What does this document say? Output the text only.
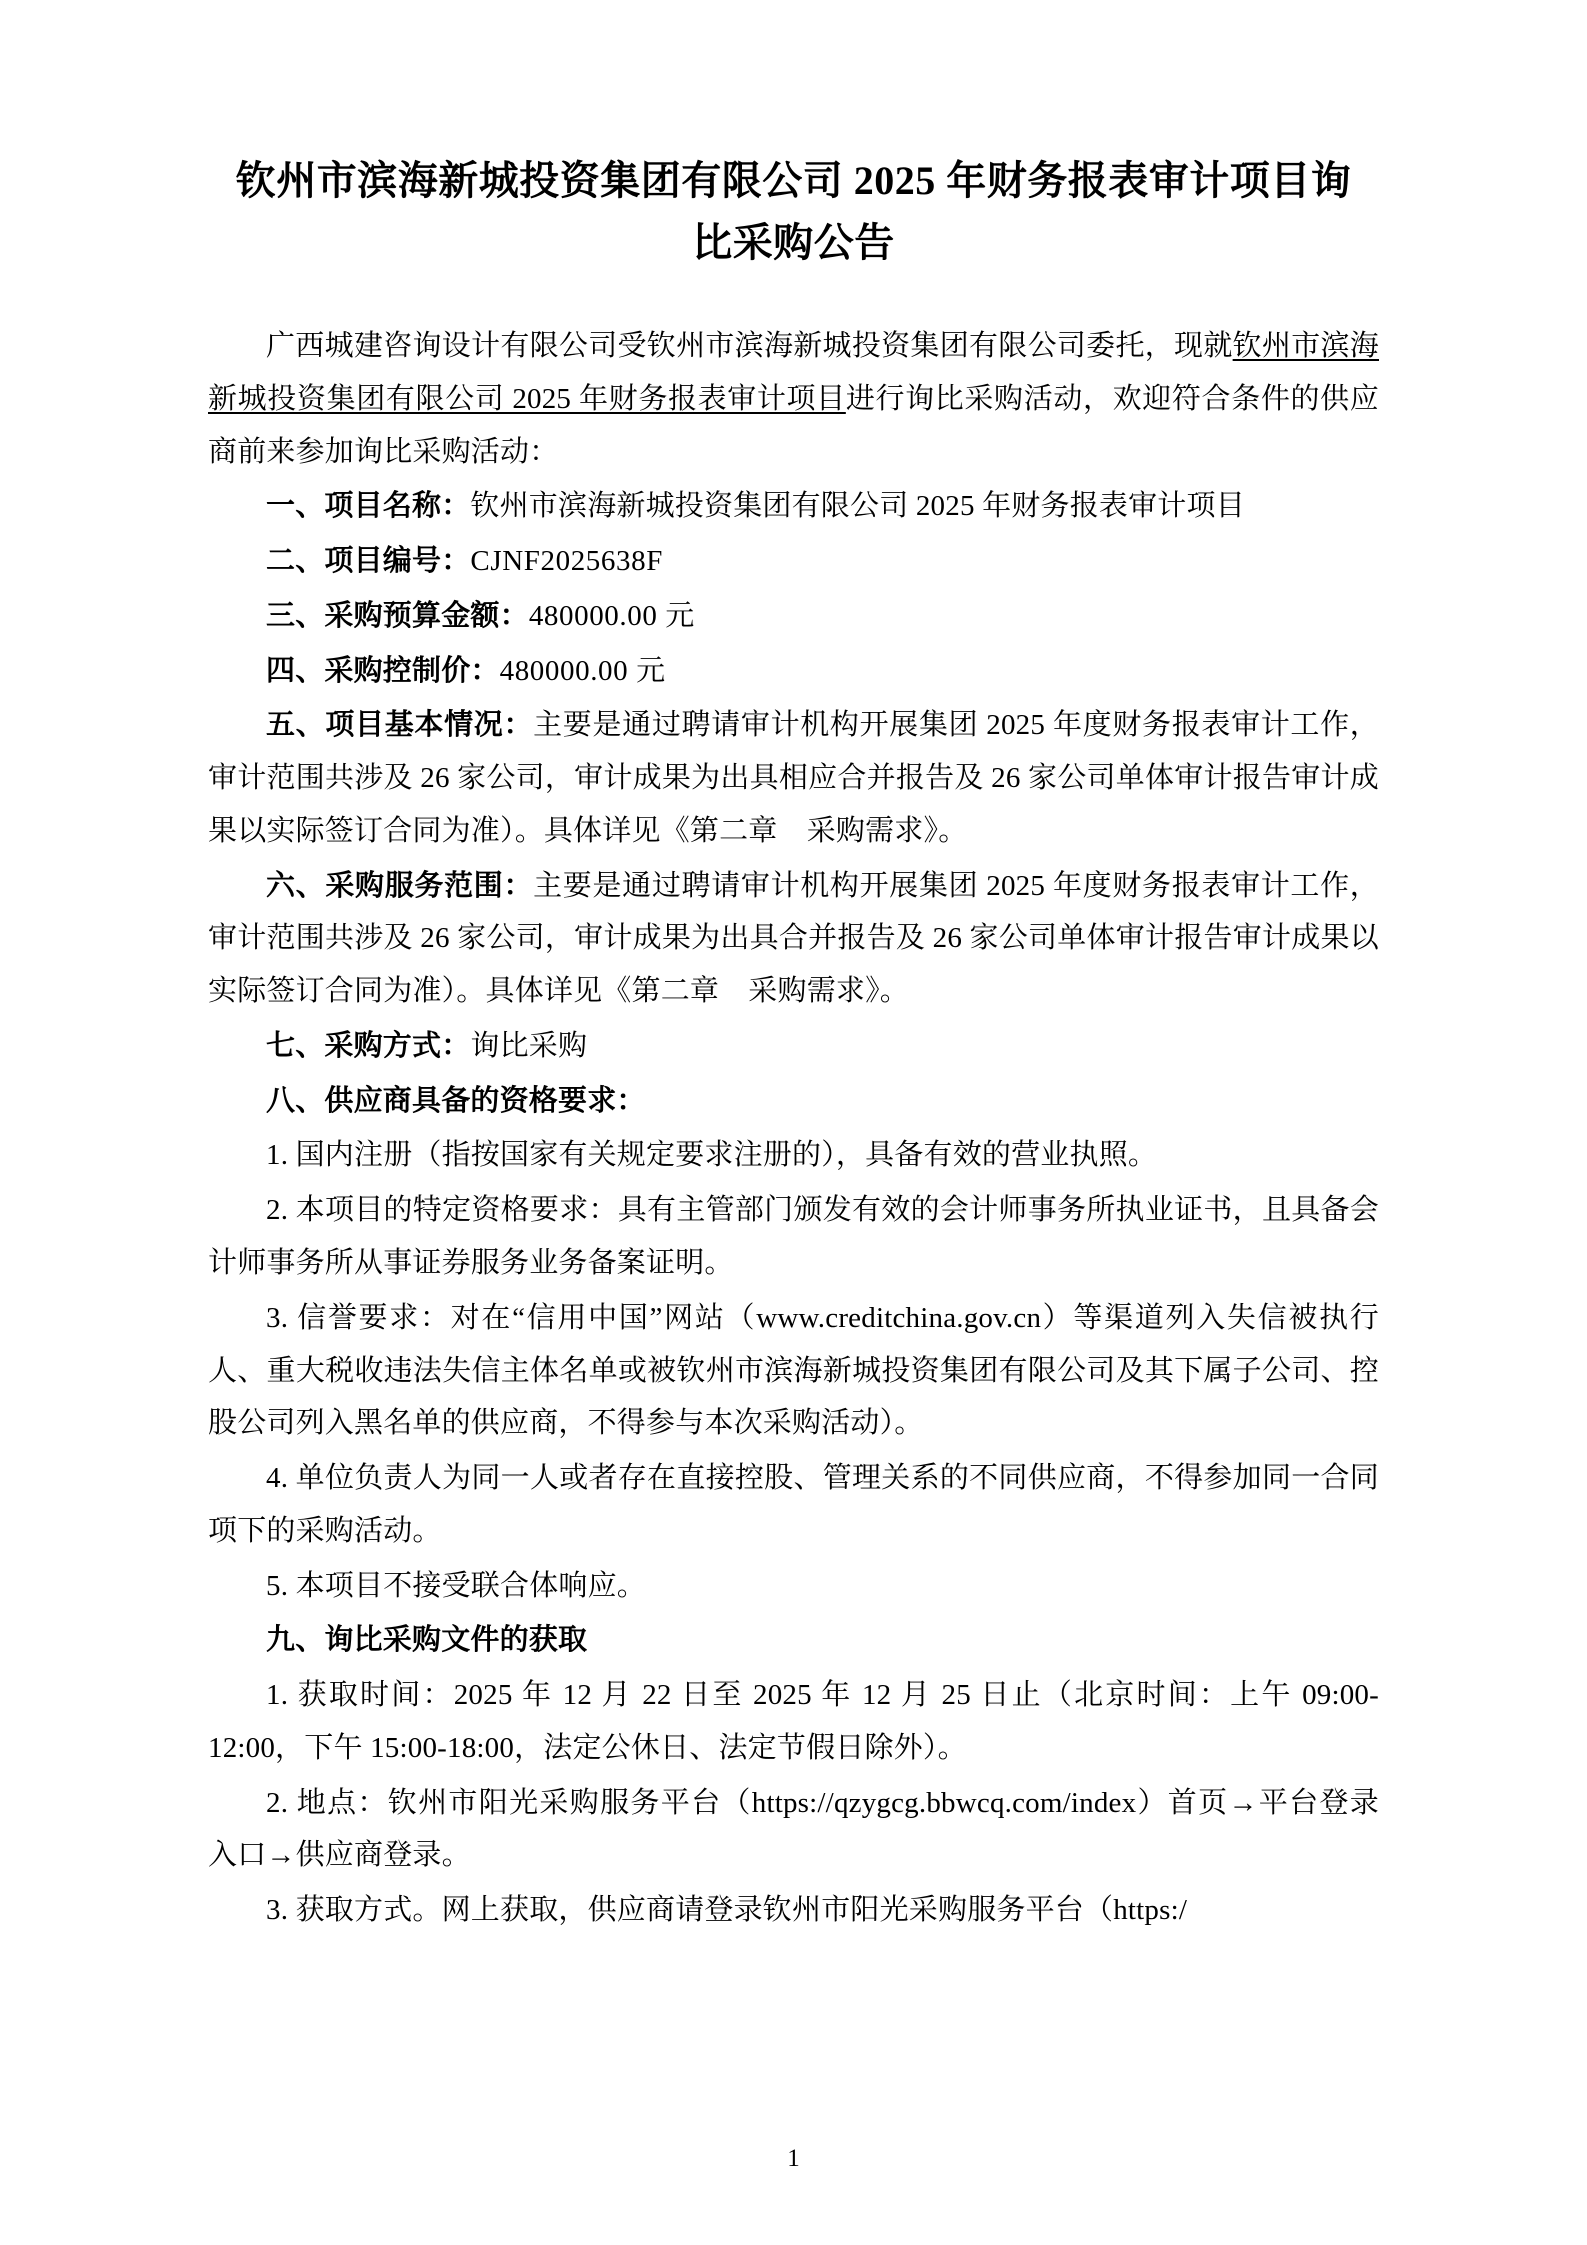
钦州市滨海新城投资集团有限公司 2025 年财务报表审计项目询比采购公告

广西城建咨询设计有限公司受钦州市滨海新城投资集团有限公司委托，现就钦州市滨海新城投资集团有限公司 2025 年财务报表审计项目进行询比采购活动，欢迎符合条件的供应商前来参加询比采购活动：

一、项目名称：钦州市滨海新城投资集团有限公司 2025 年财务报表审计项目

二、项目编号：CJNF2025638F

三、采购预算金额：480000.00 元

四、采购控制价：480000.00 元

五、项目基本情况：主要是通过聘请审计机构开展集团 2025 年度财务报表审计工作，审计范围共涉及 26 家公司，审计成果为出具相应合并报告及 26 家公司单体审计报告审计成果以实际签订合同为准）。具体详见《第二章　采购需求》。

六、采购服务范围：主要是通过聘请审计机构开展集团 2025 年度财务报表审计工作，审计范围共涉及 26 家公司，审计成果为出具合并报告及 26 家公司单体审计报告审计成果以实际签订合同为准）。具体详见《第二章　采购需求》。

七、采购方式：询比采购

八、供应商具备的资格要求：

1. 国内注册（指按国家有关规定要求注册的），具备有效的营业执照。

2. 本项目的特定资格要求：具有主管部门颁发有效的会计师事务所执业证书，且具备会计师事务所从事证券服务业务备案证明。

3. 信誉要求：对在“信用中国”网站（www.creditchina.gov.cn）等渠道列入失信被执行人、重大税收违法失信主体名单或被钦州市滨海新城投资集团有限公司及其下属子公司、控股公司列入黑名单的供应商，不得参与本次采购活动）。

4. 单位负责人为同一人或者存在直接控股、管理关系的不同供应商，不得参加同一合同项下的采购活动。

5. 本项目不接受联合体响应。

九、询比采购文件的获取

1. 获取时间：2025 年 12 月 22 日至 2025 年 12 月 25 日止（北京时间：上午 09:00-12:00，下午 15:00-18:00，法定公休日、法定节假日除外）。

2. 地点：钦州市阳光采购服务平台（https://qzygcg.bbwcq.com/index）首页→平台登录入口→供应商登录。

3. 获取方式。网上获取，供应商请登录钦州市阳光采购服务平台（https:/

1
